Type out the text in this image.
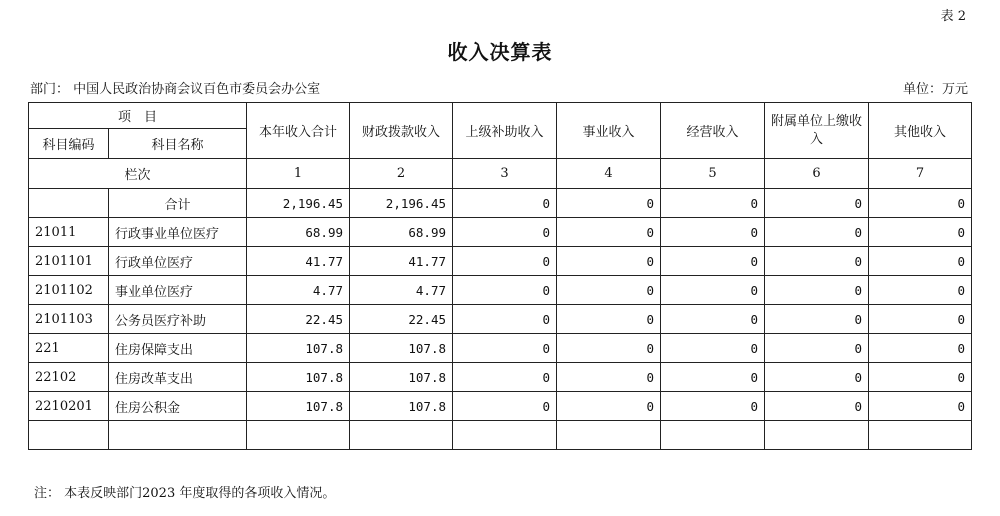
表 2
收入决算表
部门： 中国人民政治协商会议百色市委员会办公室	单位：万元
项　目		本年收入合计	财政拨款收入	上级补助收入	事业收入	经营收入	附属单位上缴收入	其他收入
科目编码	科目名称							
栏次		1	2	3	4	5	6	7
	合计	2,196.45	2,196.45	0	0	0	0	0
21011	行政事业单位医疗	68.99	68.99	0	0	0	0	0
2101101	行政单位医疗	41.77	41.77	0	0	0	0	0
2101102	事业单位医疗	4.77	4.77	0	0	0	0	0
2101103	公务员医疗补助	22.45	22.45	0	0	0	0	0
221	住房保障支出	107.8	107.8	0	0	0	0	0
22102	住房改革支出	107.8	107.8	0	0	0	0	0
2210201	住房公积金	107.8	107.8	0	0	0	0	0

注： 本表反映部门2023 年度取得的各项收入情况。
